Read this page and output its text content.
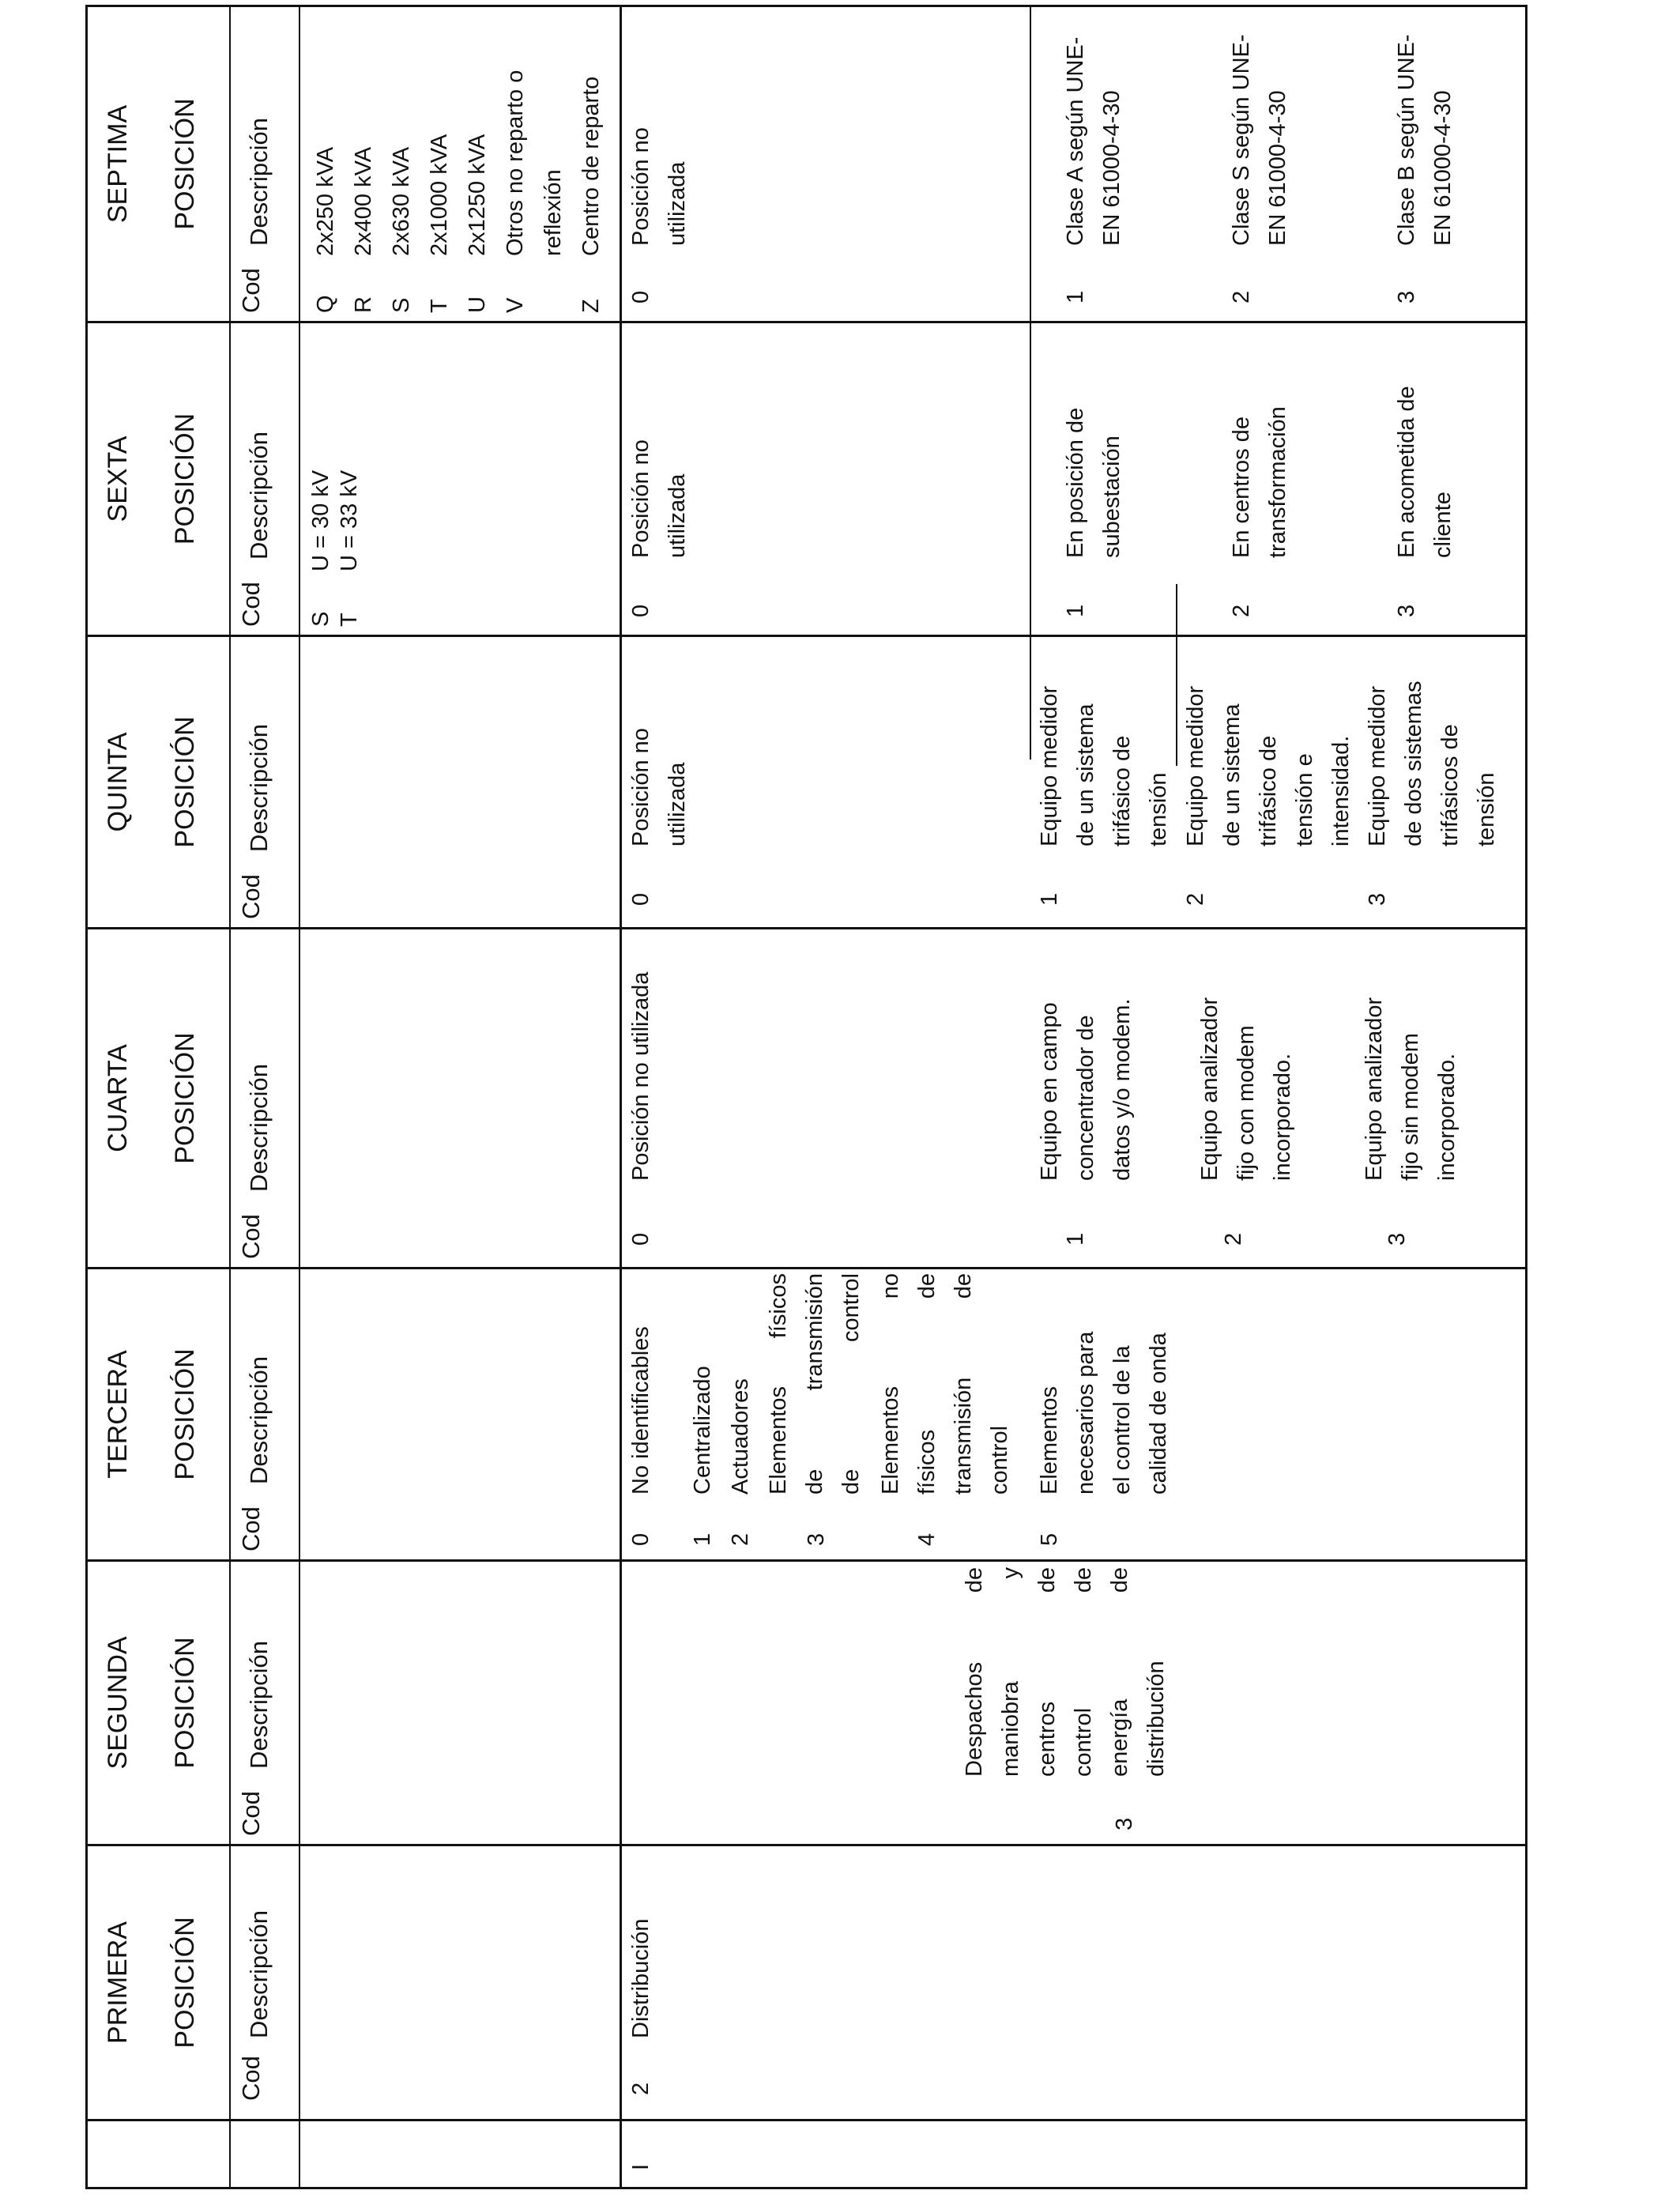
PRIMERA POSICIÓN
SEGUNDA POSICIÓN
TERCERA POSICIÓN
CUARTA POSICIÓN
QUINTA POSICIÓN
SEXTA POSICIÓN
SEPTIMA POSICIÓN
Cod
Descripción
Cod
Descripción
Cod
Descripción
Cod
Descripción
Cod
Descripción
Cod
Descripción
Cod
Descripción
S
T
U = 30 kV
U = 33 kV
Q
R
S
T
U
V

Z
2x250 kVA
2x400 kVA
2x630 kVA
2x1000 kVA
2x1250 kVA
Otros no reparto o
reflexión
Centro de reparto

I
2
Distribución
3
Despachos de
maniobra y
centros de
control de
energía de
distribución
0
No identificables
1
Centralizado
2
Actuadores
3
Elementos físicos
de transmisión
de control
4
Elementos no
físicos de
transmisión de
control
5
Elementos
necesarios para
el control de la
calidad de onda
0
Posición no utilizada
1
Equipo en campo
concentrador de
datos y/o modem.
2
Equipo analizador
fijo con modem
incorporado.
3
Equipo analizador
fijo sin modem
incorporado.
0
Posición no
utilizada
1
Equipo medidor
de un sistema
trifásico de
tensión
2
Equipo medidor
de un sistema
trifásico de
tensión e
intensidad.
3
Equipo medidor
de dos sistemas
trifásicos de
tensión
0
Posición no
utilizada
1
En posición de
subestación
2
En centros de
transformación
3
En acometida de
cliente
0
Posición no
utilizada
1
Clase A según UNE-
EN 61000-4-30
2
Clase S según UNE-
EN 61000-4-30
3
Clase B según UNE-
EN 61000-4-30
